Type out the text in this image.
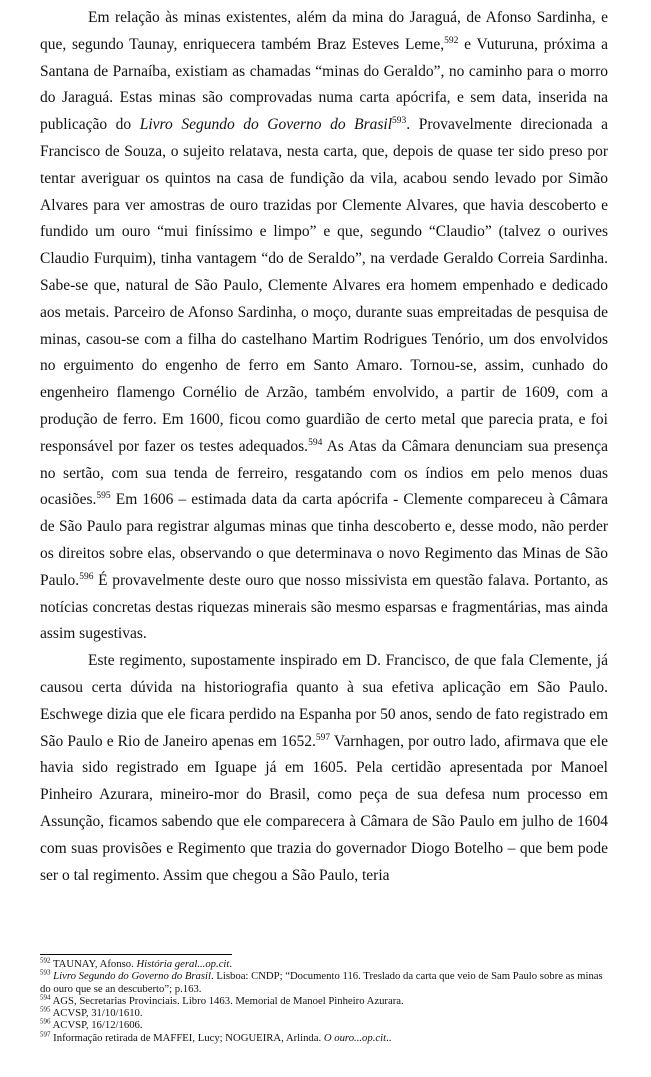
Em relação às minas existentes, além da mina do Jaraguá, de Afonso Sardinha, e que, segundo Taunay, enriquecera também Braz Esteves Leme,$^{592}$ e Vuturuna, próxima a Santana de Parnaíba, existiam as chamadas “minas do Geraldo”, no caminho para o morro do Jaraguá. Estas minas são comprovadas numa carta apócrifa, e sem data, inserida na publicação do Livro Segundo do Governo do Brasil$^{593}$. Provavelmente direcionada a Francisco de Souza, o sujeito relatava, nesta carta, que, depois de quase ter sido preso por tentar averiguar os quintos na casa de fundição da vila, acabou sendo levado por Simão Alvares para ver amostras de ouro trazidas por Clemente Alvares, que havia descoberto e fundido um ouro “mui finíssimo e limpo” e que, segundo “Claudio” (talvez o ourives Claudio Furquim), tinha vantagem “do de Seraldo”, na verdade Geraldo Correia Sardinha. Sabe-se que, natural de São Paulo, Clemente Alvares era homem empenhado e dedicado aos metais. Parceiro de Afonso Sardinha, o moço, durante suas empreitadas de pesquisa de minas, casou-se com a filha do castelhano Martim Rodrigues Tenório, um dos envolvidos no erguimento do engenho de ferro em Santo Amaro. Tornou-se, assim, cunhado do engenheiro flamengo Cornélio de Arzão, também envolvido, a partir de 1609, com a produção de ferro. Em 1600, ficou como guardião de certo metal que parecia prata, e foi responsável por fazer os testes adequados.$^{594}$ As Atas da Câmara denunciam sua presença no sertão, com sua tenda de ferreiro, resgatando com os índios em pelo menos duas ocasiões.$^{595}$ Em 1606 – estimada data da carta apócrifa - Clemente compareceu à Câmara de São Paulo para registrar algumas minas que tinha descoberto e, desse modo, não perder os direitos sobre elas, observando o que determinava o novo Regimento das Minas de São Paulo.$^{596}$ É provavelmente deste ouro que nosso missivista em questão falava. Portanto, as notícias concretas destas riquezas minerais são mesmo esparsas e fragmentárias, mas ainda assim sugestivas.

Este regimento, supostamente inspirado em D. Francisco, de que fala Clemente, já causou certa dúvida na historiografia quanto à sua efetiva aplicação em São Paulo. Eschwege dizia que ele ficara perdido na Espanha por 50 anos, sendo de fato registrado em São Paulo e Rio de Janeiro apenas em 1652.$^{597}$ Varnhagen, por outro lado, afirmava que ele havia sido registrado em Iguape já em 1605. Pela certidão apresentada por Manoel Pinheiro Azurara, mineiro-mor do Brasil, como peça de sua defesa num processo em Assunção, ficamos sabendo que ele comparecera à Câmara de São Paulo em julho de 1604 com suas provisões e Regimento que trazia do governador Diogo Botelho – que bem pode ser o tal regimento. Assim que chegou a São Paulo, teria

$^{592}$ TAUNAY, Afonso. História geral...op.cit.

$^{593}$ Livro Segundo do Governo do Brasil. Lisboa: CNDP; “Documento 116. Treslado da carta que veio de Sam Paulo sobre as minas do ouro que se an descuberto”; p.163.

$^{594}$ AGS, Secretarias Provinciais. Libro 1463. Memorial de Manoel Pinheiro Azurara.

$^{595}$ ACVSP, 31/10/1610.

$^{596}$ ACVSP, 16/12/1606.

$^{597}$ Informação retirada de MAFFEI, Lucy; NOGUEIRA, Arlinda. O ouro...op.cit..
